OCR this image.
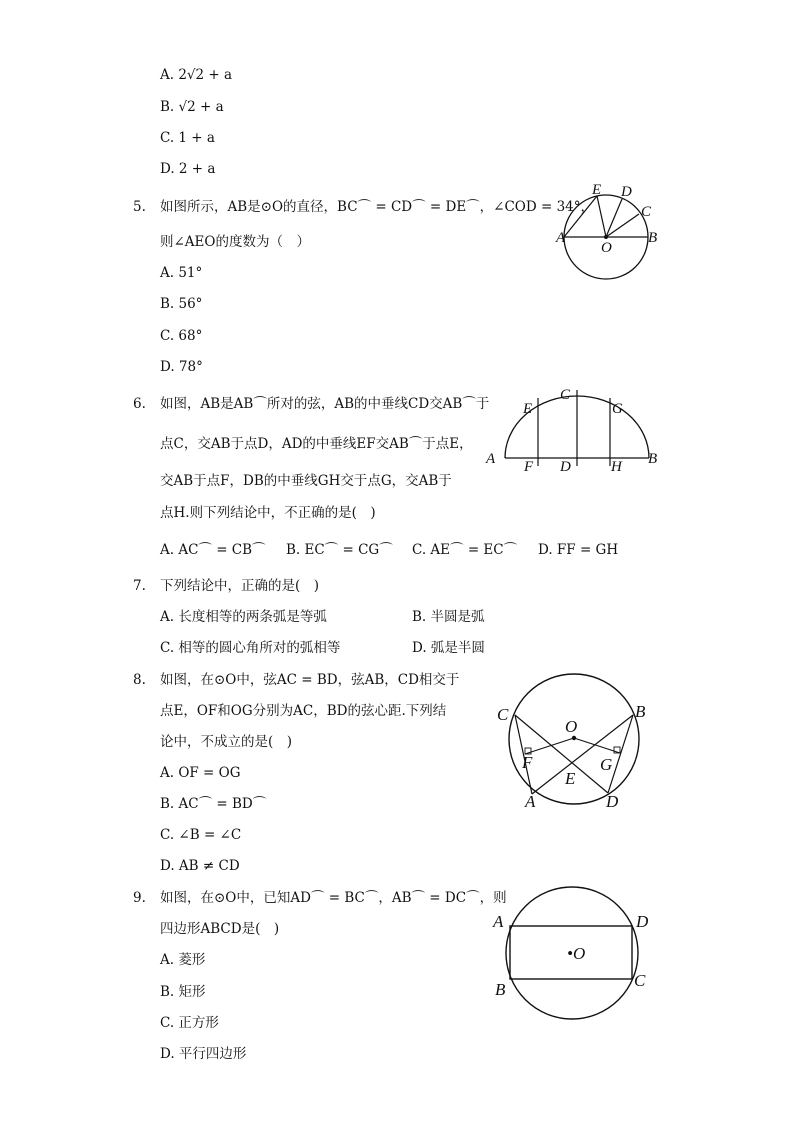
A. 2√2 + a
B. √2 + a
C. 1 + a
D. 2 + a
5. 如图所示，AB是⊙O的直径，BC⌒ = CD⌒ = DE⌒，∠COD = 34°，
则∠AEO的度数为（　）
A. 51°
B. 56°
C. 68°
D. 78°
E D
C
A
O
B
6. 如图，AB是AB⌒所对的弦，AB的中垂线CD交AB⌒于
点C，交AB于点D，AD的中垂线EF交AB⌒于点E，
交AB于点F，DB的中垂线GH交于点G，交AB于
点H.则下列结论中，不正确的是(　)
A. AC⌒ = CB⌒ B. EC⌒ = CG⌒ C. AE⌒ = EC⌒ D. FF = GH
C
E	G
A F D	H B
7. 下列结论中，正确的是(　)
A. 长度相等的两条弧是等弧	B. 半圆是弧
C. 相等的圆心角所对的弧相等	D. 弧是半圆
8. 如图，在⊙O中，弦AC = BD，弦AB，CD相交于
点E，OF和OG分别为AC，BD的弦心距.下列结
论中，不成立的是(　)
A. OF = OG
B. AC⌒ = BD⌒
C. ∠B = ∠C
D. AB ≠ CD
C
O
B
F	G
E
A	D
9. 如图，在⊙O中，已知AD⌒ = BC⌒，AB⌒ = DC⌒，则
四边形ABCD是(　)
A. 菱形
B. 矩形
C. 正方形
D. 平行四边形
A	D
•O
B	C
